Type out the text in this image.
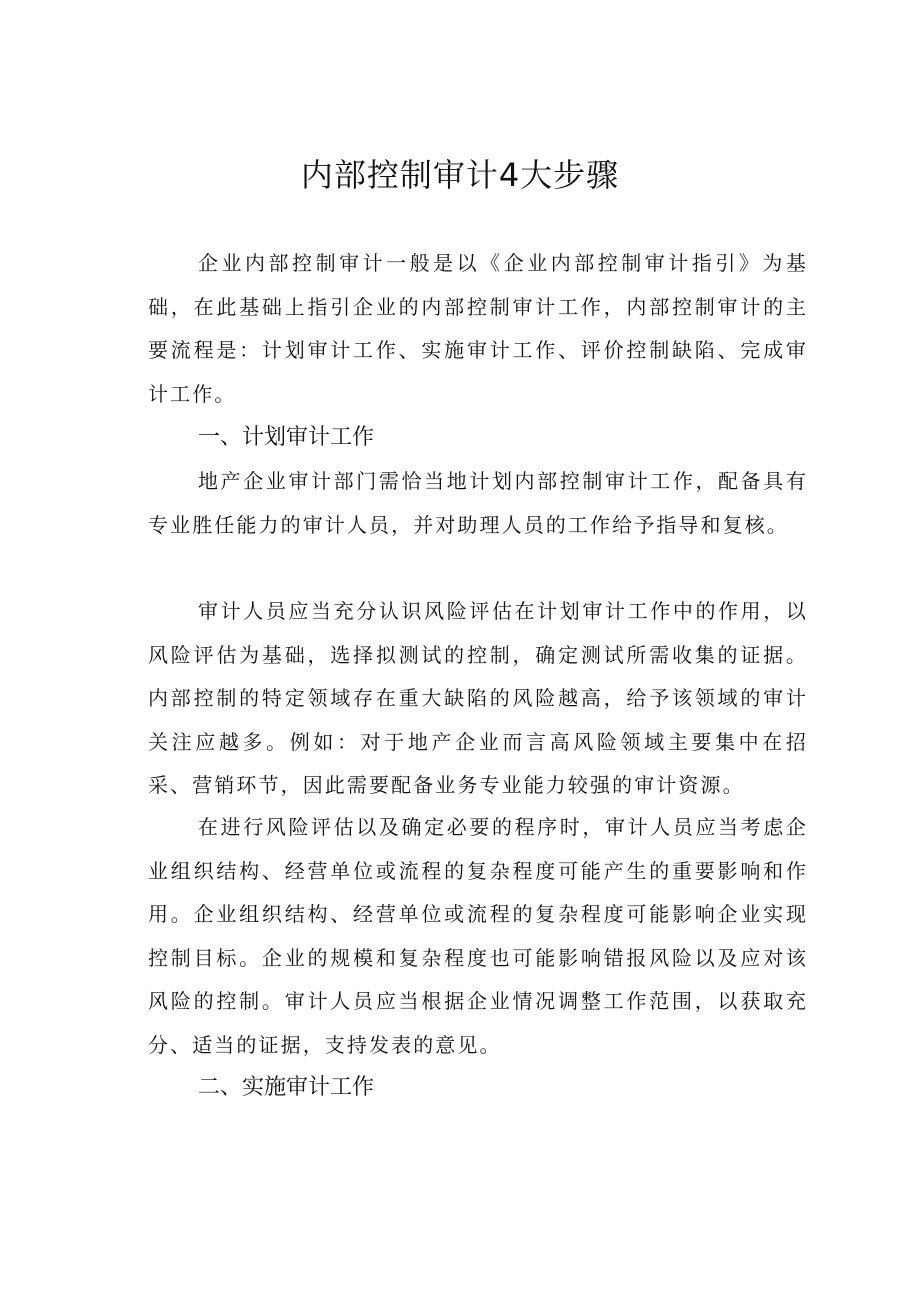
内部控制审计4大步骤

企业内部控制审计一般是以《企业内部控制审计指引》为基础，在此基础上指引企业的内部控制审计工作，内部控制审计的主要流程是：计划审计工作、实施审计工作、评价控制缺陷、完成审计工作。

一、计划审计工作

地产企业审计部门需恰当地计划内部控制审计工作，配备具有专业胜任能力的审计人员，并对助理人员的工作给予指导和复核。

审计人员应当充分认识风险评估在计划审计工作中的作用，以风险评估为基础，选择拟测试的控制，确定测试所需收集的证据。内部控制的特定领域存在重大缺陷的风险越高，给予该领域的审计关注应越多。例如：对于地产企业而言高风险领域主要集中在招采、营销环节，因此需要配备业务专业能力较强的审计资源。

在进行风险评估以及确定必要的程序时，审计人员应当考虑企业组织结构、经营单位或流程的复杂程度可能产生的重要影响和作用。企业组织结构、经营单位或流程的复杂程度可能影响企业实现控制目标。企业的规模和复杂程度也可能影响错报风险以及应对该风险的控制。审计人员应当根据企业情况调整工作范围，以获取充分、适当的证据，支持发表的意见。

二、实施审计工作
